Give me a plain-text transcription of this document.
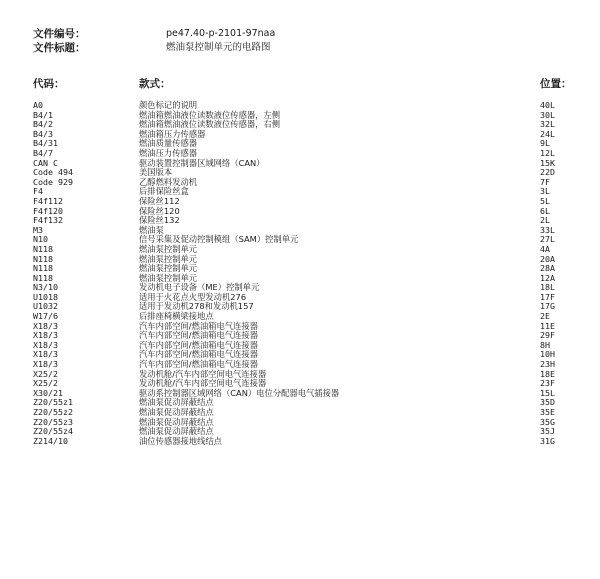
文件编号：	pe47.40-p-2101-97naa
文件标题：	燃油泵控制单元的电路图
代码：	款式：	位置：
A0	颜色标记的说明	40L
B4/1	燃油箱燃油液位读数液位传感器，左侧	30L
B4/2	燃油箱燃油液位读数液位传感器，右侧	32L
B4/3	燃油箱压力传感器	24L
B4/31	燃油质量传感器	9L
B4/7	燃油压力传感器	12L
CAN C	驱动装置控制器区域网络（CAN）	15K
Code 494	美国版本	22D
Code 929	乙醇燃料发动机	7F
F4	后排保险丝盒	3L
F4f112	保险丝112	5L
F4f120	保险丝120	6L
F4f132	保险丝132	2L
M3	燃油泵	33L
N10	信号采集及促动控制模组（SAM）控制单元	27L
N118	燃油泵控制单元	4A
N118	燃油泵控制单元	20A
N118	燃油泵控制单元	28A
N118	燃油泵控制单元	12A
N3/10	发动机电子设备（ME）控制单元	18L
U1018	适用于火花点火型发动机276	17F
U1032	适用于发动机278和发动机157	17G
W17/6	后排座椅横梁接地点	2E
X18/3	汽车内部空间/燃油箱电气连接器	11E
X18/3	汽车内部空间/燃油箱电气连接器	29F
X18/3	汽车内部空间/燃油箱电气连接器	8H
X18/3	汽车内部空间/燃油箱电气连接器	10H
X18/3	汽车内部空间/燃油箱电气连接器	23H
X25/2	发动机舱/汽车内部空间电气连接器	18E
X25/2	发动机舱/汽车内部空间电气连接器	23F
X30/21	驱动系控制器区域网络（CAN）电位分配器电气插接器	15L
Z20/55z1	燃油泵促动屏蔽结点	35D
Z20/55z2	燃油泵促动屏蔽结点	35E
Z20/55z3	燃油泵促动屏蔽结点	35G
Z20/55z4	燃油泵促动屏蔽结点	35J
Z214/10	油位传感器接地线结点	31G
